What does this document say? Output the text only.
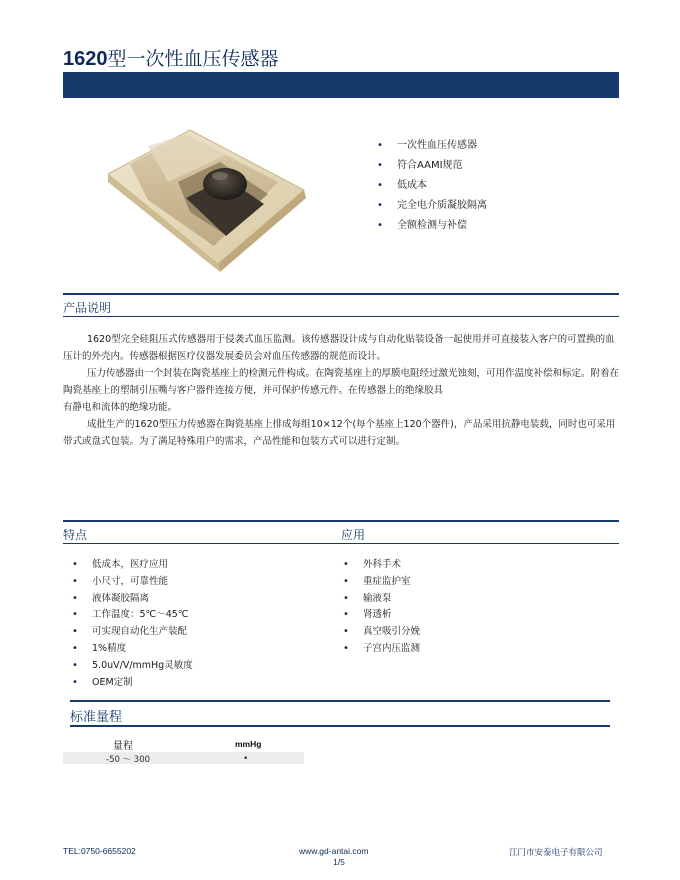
1620型一次性血压传感器
• 一次性血压传感器
• 符合AAMI规范
• 低成本
• 完全电介质凝胶隔离
• 全额检测与补偿
产品说明

1620型完全硅阻压式传感器用于侵袭式血压监测。该传感器设计成与自动化贴装设备一起使用并可直接装入客户的可置换的血压计的外壳内。传感器根据医疗仪器发展委员会对血压传感器的规范而设计。

压力传感器由一个封装在陶瓷基座上的检测元件构成。在陶瓷基座上的厚膜电阻经过激光蚀刻，可用作温度补偿和标定。附着在陶瓷基座上的塑制引压嘴与客户器件连接方便，并可保护传感元件。在传感器上的绝缘胶具

有静电和流体的绝缘功能。

成批生产的1620型压力传感器在陶瓷基座上排成每组10×12个(每个基座上120个器件)，产品采用抗静电装载，同时也可采用带式或盘式包装。为了满足特殊用户的需求，产品性能和包装方式可以进行定制。

特点	应用
• 低成本，医疗应用
• 小尺寸，可靠性能
• 液体凝胶隔离
• 工作温度：5℃～45℃
• 可实现自动化生产装配
• 1%精度
• 5.0uV/V/mmHg灵敏度
• OEM定制
• 外科手术
• 重症监护室
• 输液泵
• 肾透析
• 真空吸引分娩
• 子宫内压监测
标准量程
量程	mmHg
-50 ～ 300	•
TEL:0750-6655202	www.gd-antai.com	江门市安泰电子有限公司
1/5
